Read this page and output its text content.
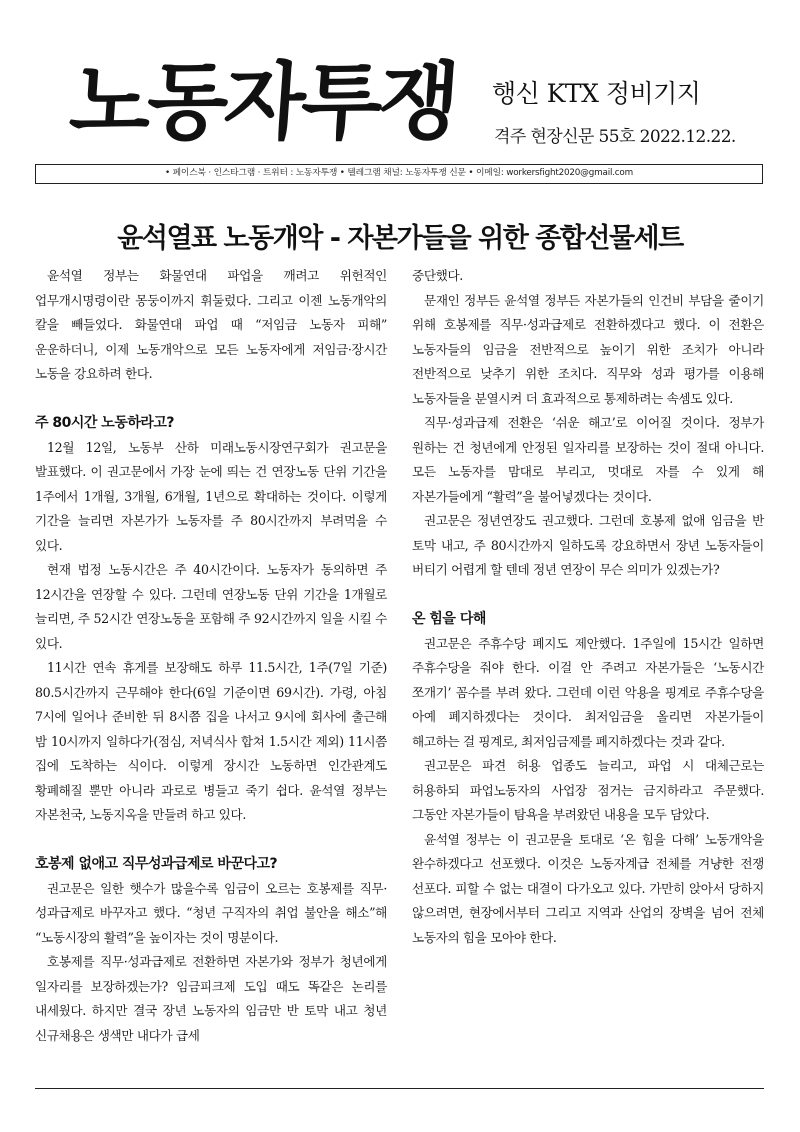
노동자투쟁 행신 KTX 정비기지
격주 현장신문 55호 2022.12.22.
• 페이스북 · 인스타그램 · 트위터 : 노동자투쟁 • 텔레그램 채널: 노동자투쟁 신문 • 이메일: workersfight2020@gmail.com
윤석열표 노동개악 - 자본가들을 위한 종합선물세트

윤석열 정부는 화물연대 파업을 깨려고 위헌적인 업무개시명령이란 몽둥이까지 휘둘렀다. 그리고 이젠 노동개악의 칼을 빼들었다. 화물연대 파업 때 “저임금 노동자 피해” 운운하더니, 이제 노동개악으로 모든 노동자에게 저임금·장시간 노동을 강요하려 한다.

주 80시간 노동하라고?

12월 12일, 노동부 산하 미래노동시장연구회가 권고문을 발표했다. 이 권고문에서 가장 눈에 띄는 건 연장노동 단위 기간을 1주에서 1개월, 3개월, 6개월, 1년으로 확대하는 것이다. 이렇게 기간을 늘리면 자본가가 노동자를 주 80시간까지 부려먹을 수 있다.

현재 법정 노동시간은 주 40시간이다. 노동자가 동의하면 주 12시간을 연장할 수 있다. 그런데 연장노동 단위 기간을 1개월로 늘리면, 주 52시간 연장노동을 포함해 주 92시간까지 일을 시킬 수 있다.

11시간 연속 휴게를 보장해도 하루 11.5시간, 1주(7일 기준) 80.5시간까지 근무해야 한다(6일 기준이면 69시간). 가령, 아침 7시에 일어나 준비한 뒤 8시쯤 집을 나서고 9시에 회사에 출근해 밤 10시까지 일하다가(점심, 저녁식사 합쳐 1.5시간 제외) 11시쯤 집에 도착하는 식이다. 이렇게 장시간 노동하면 인간관계도 황폐해질 뿐만 아니라 과로로 병들고 죽기 쉽다. 윤석열 정부는 자본천국, 노동지옥을 만들려 하고 있다.

호봉제 없애고 직무성과급제로 바꾼다고?

권고문은 일한 햇수가 많을수록 임금이 오르는 호봉제를 직무·성과급제로 바꾸자고 했다. “청년 구직자의 취업 불안을 해소”해 “노동시장의 활력”을 높이자는 것이 명분이다.

호봉제를 직무·성과급제로 전환하면 자본가와 정부가 청년에게 일자리를 보장하겠는가? 임금피크제 도입 때도 똑같은 논리를 내세웠다. 하지만 결국 장년 노동자의 임금만 반 토막 내고 청년 신규채용은 생색만 내다가 급세

중단했다.

문재인 정부든 윤석열 정부든 자본가들의 인건비 부담을 줄이기 위해 호봉제를 직무·성과급제로 전환하겠다고 했다. 이 전환은 노동자들의 임금을 전반적으로 높이기 위한 조치가 아니라 전반적으로 낮추기 위한 조치다. 직무와 성과 평가를 이용해 노동자들을 분열시켜 더 효과적으로 통제하려는 속셈도 있다.

직무·성과급제 전환은 ‘쉬운 해고’로 이어질 것이다. 정부가 원하는 건 청년에게 안정된 일자리를 보장하는 것이 절대 아니다. 모든 노동자를 맘대로 부리고, 멋대로 자를 수 있게 해 자본가들에게 “활력”을 불어넣겠다는 것이다.

권고문은 정년연장도 권고했다. 그런데 호봉제 없애 임금을 반 토막 내고, 주 80시간까지 일하도록 강요하면서 장년 노동자들이 버티기 어렵게 할 텐데 정년 연장이 무슨 의미가 있겠는가?

온 힘을 다해

권고문은 주휴수당 폐지도 제안했다. 1주일에 15시간 일하면 주휴수당을 줘야 한다. 이걸 안 주려고 자본가들은 ‘노동시간 쪼개기’ 꼼수를 부려 왔다. 그런데 이런 악용을 핑계로 주휴수당을 아예 폐지하겠다는 것이다. 최저임금을 올리면 자본가들이 해고하는 걸 핑계로, 최저임금제를 폐지하겠다는 것과 같다.

권고문은 파견 허용 업종도 늘리고, 파업 시 대체근로는 허용하되 파업노동자의 사업장 점거는 금지하라고 주문했다. 그동안 자본가들이 탐욕을 부려왔던 내용을 모두 담았다.

윤석열 정부는 이 권고문을 토대로 ‘온 힘을 다해’ 노동개악을 완수하겠다고 선포했다. 이것은 노동자계급 전체를 겨냥한 전쟁 선포다. 피할 수 없는 대결이 다가오고 있다. 가만히 앉아서 당하지 않으려면, 현장에서부터 그리고 지역과 산업의 장벽을 넘어 전체 노동자의 힘을 모아야 한다.
